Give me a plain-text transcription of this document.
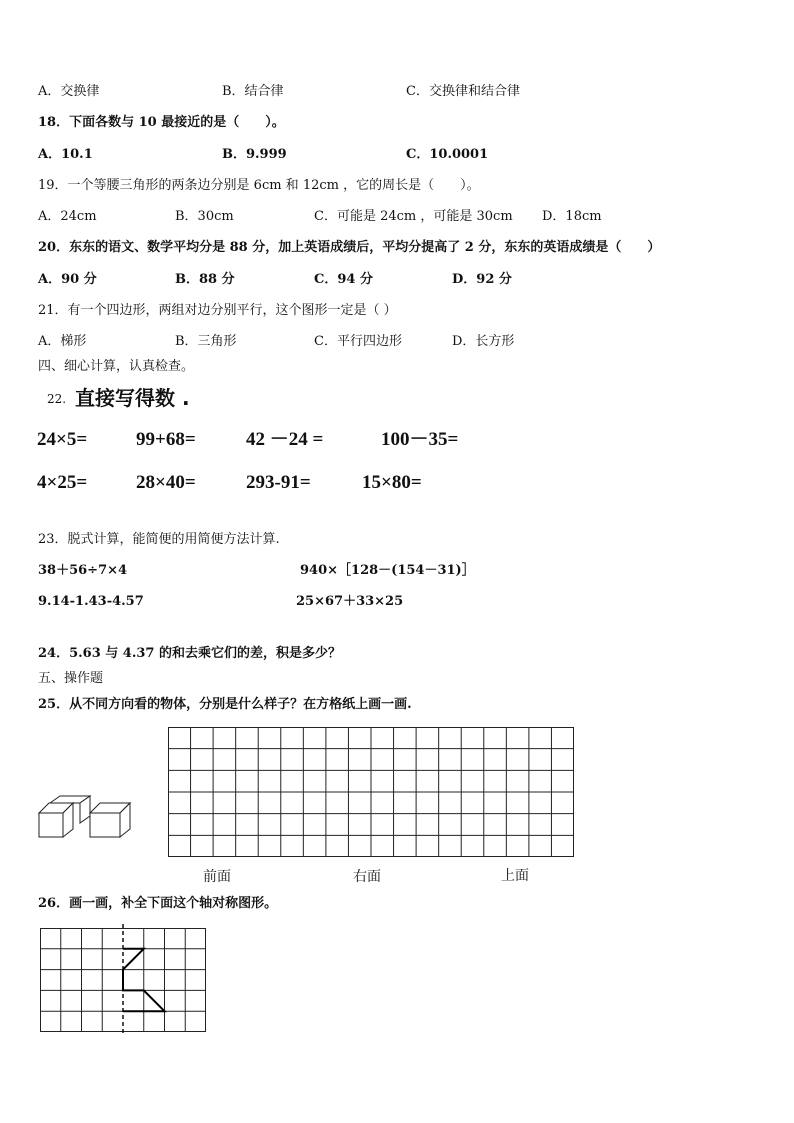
A．交换律	B．结合律	C．交换律和结合律
18．下面各数与 10 最接近的是（　　）。
A．10.1	B．9.999	C．10.0001
19．一个等腰三角形的两条边分别是 6cm 和 12cm ，它的周长是（　　）。
A．24cm	B．30cm	C．可能是 24cm ，可能是 30cm D．18cm
20．东东的语文、数学平均分是 88 分，加上英语成绩后，平均分提高了 2 分，东东的英语成绩是（　　）
A．90 分	B．88 分	C．94 分	D．92 分
21．有一个四边形，两组对边分别平行，这个图形一定是（ ）
A．梯形	B．三角形	C．平行四边形	D．长方形
四、细心计算，认真检查。
22. 直接写得数 .
24×5=	99+68=	42 －24 =	100－35=
4×25=	28×40=	293-91=	15×80=
23．脱式计算，能简便的用简便方法计算.
38＋56÷7×4	940×［128－(154－31)］
9.14-1.43-4.57	25×67＋33×25
24．5.63 与 4.37 的和去乘它们的差，积是多少？
五、操作题
25．从不同方向看的物体，分别是什么样子？在方格纸上画一画.
前面	右面	上面
26．画一画，补全下面这个轴对称图形。
